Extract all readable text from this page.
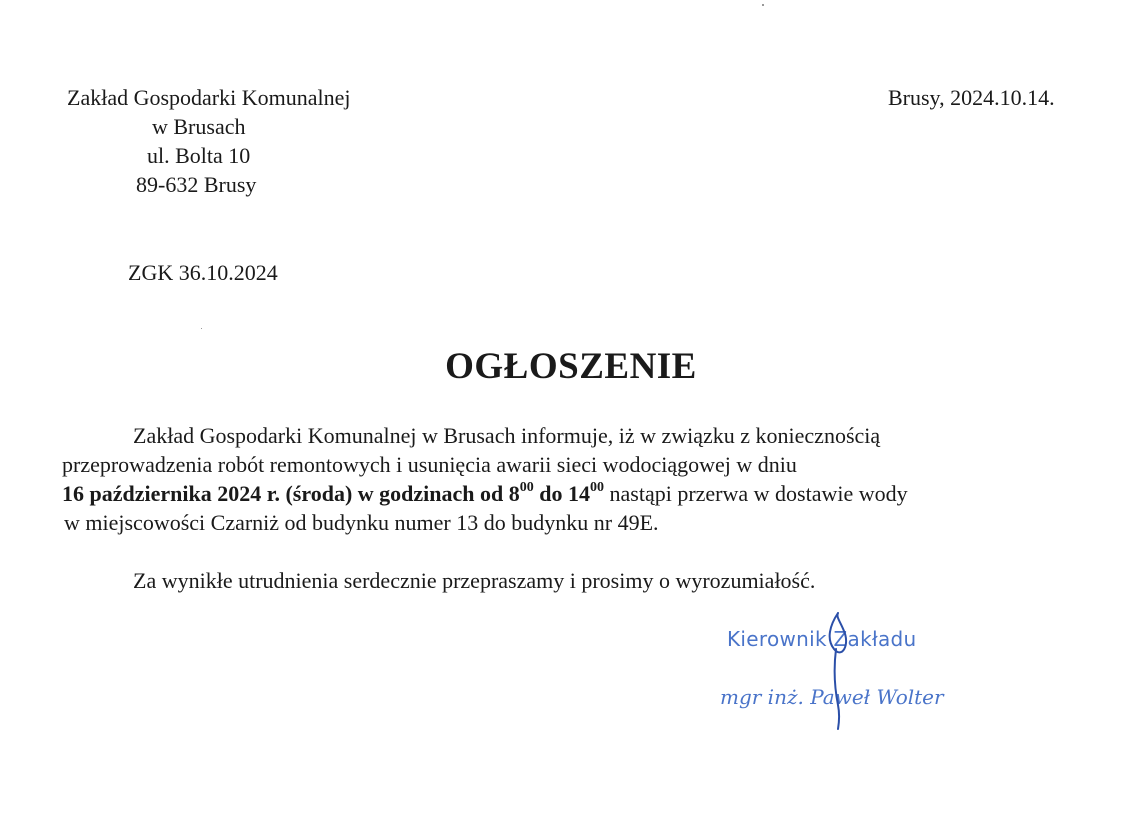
Zakład Gospodarki Komunalnej
w Brusach
ul. Bolta 10
89-632 Brusy
Brusy, 2024.10.14.
ZGK 36.10.2024
OGŁOSZENIE
Zakład Gospodarki Komunalnej w Brusach informuje, iż w związku z koniecznością
przeprowadzenia robót remontowych i usunięcia awarii sieci wodociągowej w dniu
16 października 2024 r. (środa) w godzinach od $8^{00}$ do $14^{00}$ nastąpi przerwa w dostawie wody
w miejscowości Czarniż od budynku numer 13 do budynku nr 49E.
Za wynikłe utrudnienia serdecznie przepraszamy i prosimy o wyrozumiałość.
Kierownik Zakładu
mgr inż. Paweł Wolter
